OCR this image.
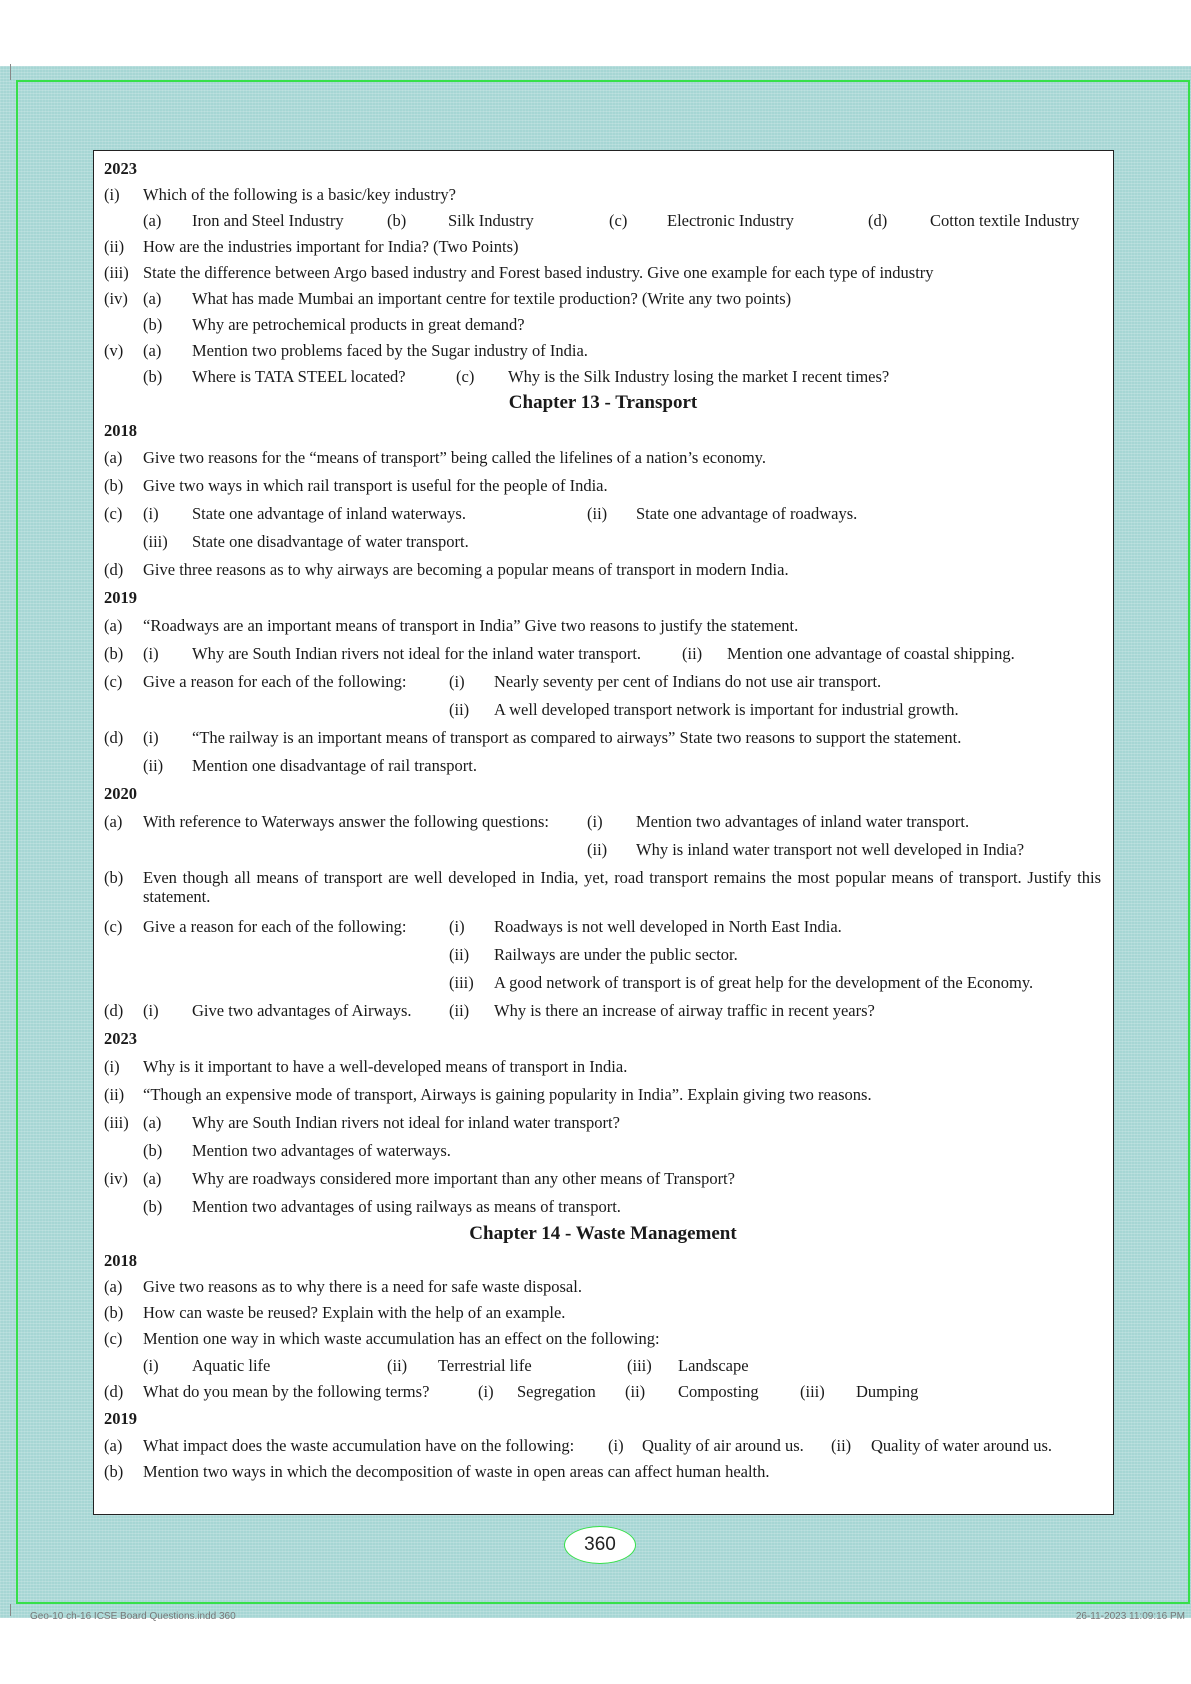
2023
(i) Which of the following is a basic/key industry?
(a) Iron and Steel Industry	(b)	Silk Industry	(c) Electronic Industry	(d)	Cotton textile Industry
(ii) How are the industries important for India? (Two Points)
(iii) State the difference between Argo based industry and Forest based industry. Give one example for each type of industry
(iv) (a) What has made Mumbai an important centre for textile production? (Write any two points)
(b) Why are petrochemical products in great demand?
(v) (a) Mention two problems faced by the Sugar industry of India.
(b) Where is TATA STEEL located?	(c) Why is the Silk Industry losing the market I recent times?
Chapter 13 - Transport
2018
(a) Give two reasons for the “means of transport” being called the lifelines of a nation’s economy.
(b) Give two ways in which rail transport is useful for the people of India.
(c) (i) State one advantage of inland waterways.	(ii) State one advantage of roadways.
(iii) State one disadvantage of water transport.
(d) Give three reasons as to why airways are becoming a popular means of transport in modern India.
2019
(a) “Roadways are an important means of transport in India” Give two reasons to justify the statement.
(b) (i) Why are South Indian rivers not ideal for the inland water transport. (ii) Mention one advantage of coastal shipping.
(c) Give a reason for each of the following:	(i) Nearly seventy per cent of Indians do not use air transport.
(ii) A well developed transport network is important for industrial growth.
(d) (i) “The railway is an important means of transport as compared to airways” State two reasons to support the statement.
(ii) Mention one disadvantage of rail transport.
2020
(a) With reference to Waterways answer the following questions: (i) Mention two advantages of inland water transport.
(ii) Why is inland water transport not well developed in India?
(b) Even though all means of transport are well developed in India, yet, road transport remains the most popular means of transport. Justify this statement.
(c) Give a reason for each of the following:	(i) Roadways is not well developed in North East India.
(ii) Railways are under the public sector.
(iii) A good network of transport is of great help for the development of the Economy.
(d) (i) Give two advantages of Airways. (ii) Why is there an increase of airway traffic in recent years?
2023
(i) Why is it important to have a well-developed means of transport in India.
(ii) “Though an expensive mode of transport, Airways is gaining popularity in India”. Explain giving two reasons.
(iii) (a) Why are South Indian rivers not ideal for inland water transport?
(b) Mention two advantages of waterways.
(iv) (a) Why are roadways considered more important than any other means of Transport?
(b) Mention two advantages of using railways as means of transport.
Chapter 14 - Waste Management
2018
(a) Give two reasons as to why there is a need for safe waste disposal.
(b) How can waste be reused? Explain with the help of an example.
(c) Mention one way in which waste accumulation has an effect on the following:
(i) Aquatic life	(ii) Terrestrial life	(iii) Landscape
(d) What do you mean by the following terms?	(i) Segregation (ii) Composting	(iii) Dumping
2019
(a) What impact does the waste accumulation have on the following: (i) Quality of air around us. (ii) Quality of water around us.
(b) Mention two ways in which the decomposition of waste in open areas can affect human health.
360
